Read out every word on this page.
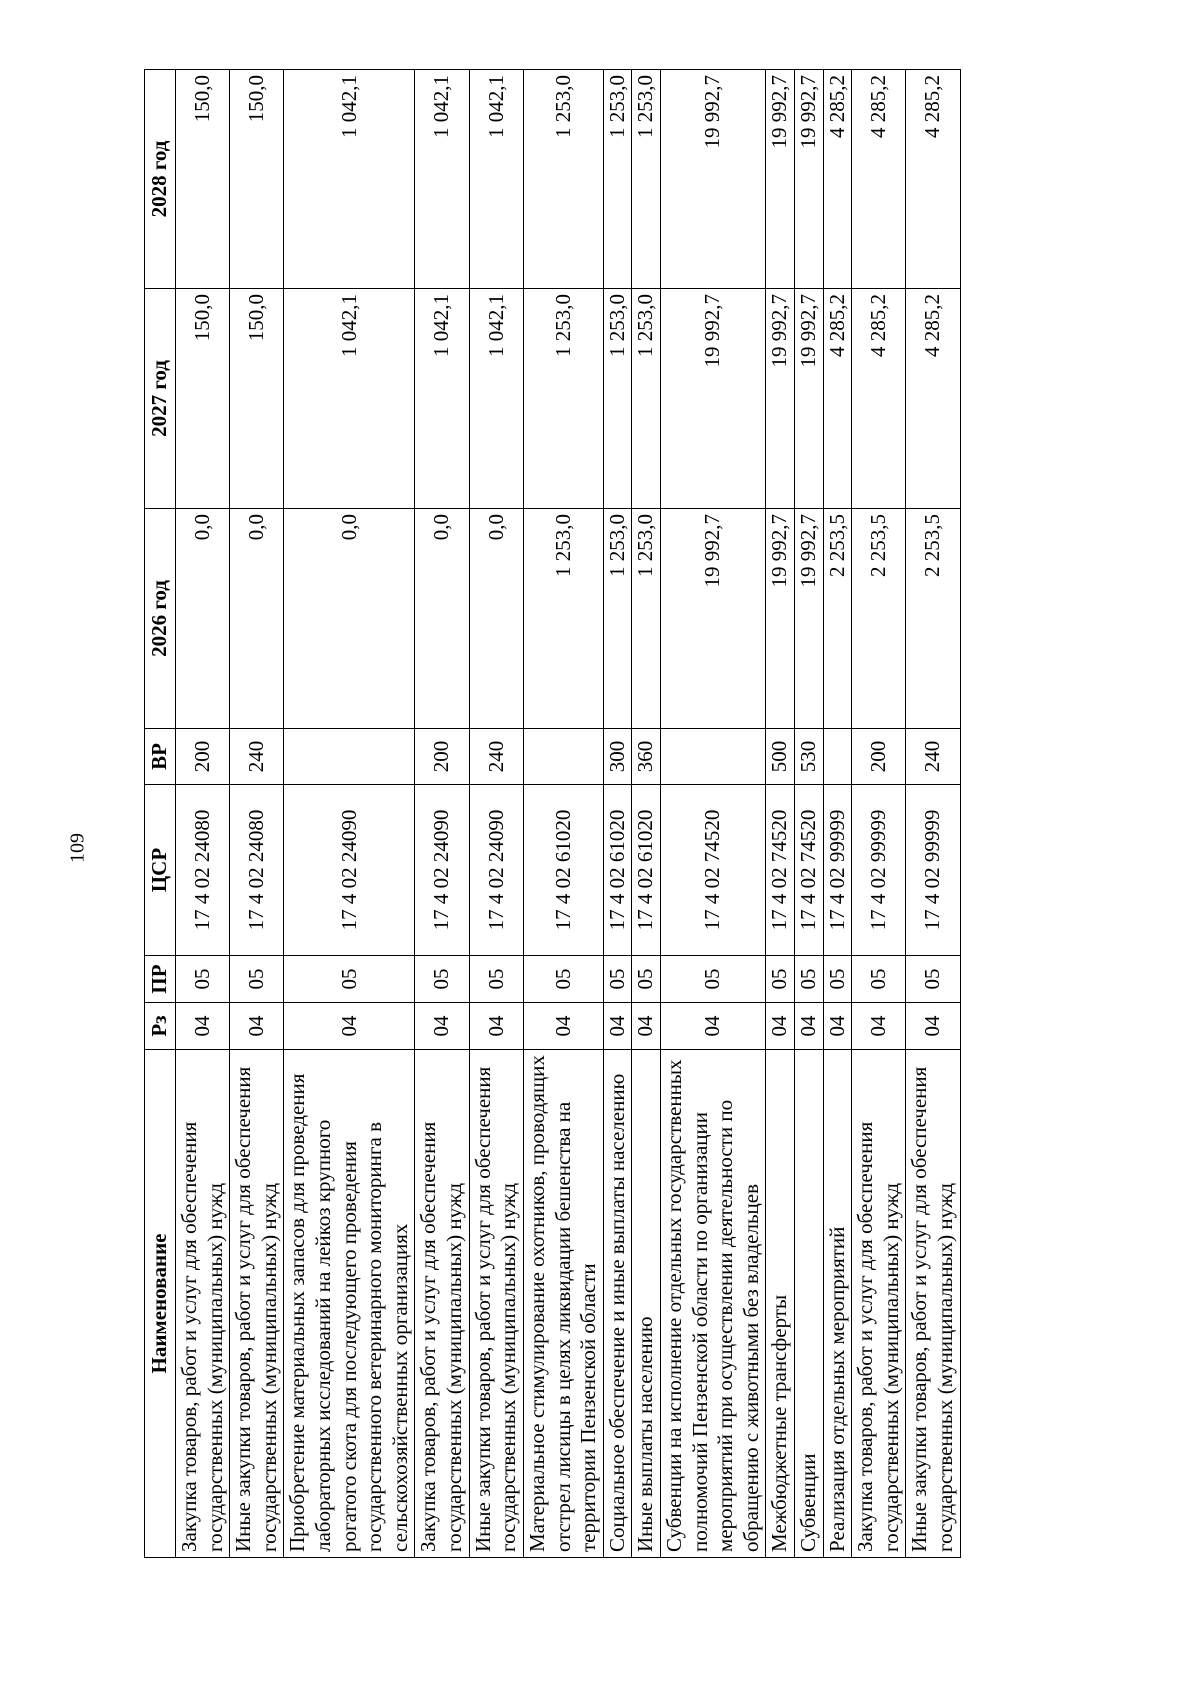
109
Наименование	Рз	ПР	ЦСР	ВР	2026 год	2027 год	2028 год
Закупка товаров, работ и услуг для обеспечения государственных (муниципальных) нужд	04	05	17 4 02 24080	200	0,0	150,0	150,0
Иные закупки товаров, работ и услуг для обеспечения государственных (муниципальных) нужд	04	05	17 4 02 24080	240	0,0	150,0	150,0
Приобретение материальных запасов для проведения лабораторных исследований на лейкоз крупного рогатого скота для последующего проведения государственного ветеринарного мониторинга в сельскохозяйственных организациях	04	05	17 4 02 24090		0,0	1 042,1	1 042,1
Закупка товаров, работ и услуг для обеспечения государственных (муниципальных) нужд	04	05	17 4 02 24090	200	0,0	1 042,1	1 042,1
Иные закупки товаров, работ и услуг для обеспечения государственных (муниципальных) нужд	04	05	17 4 02 24090	240	0,0	1 042,1	1 042,1
Материальное стимулирование охотников, проводящих отстрел лисицы в целях ликвидации бешенства на территории Пензенской области	04	05	17 4 02 61020		1 253,0	1 253,0	1 253,0
Социальное обеспечение и иные выплаты населению	04	05	17 4 02 61020	300	1 253,0	1 253,0	1 253,0
Иные выплаты населению	04	05	17 4 02 61020	360	1 253,0	1 253,0	1 253,0
Субвенции на исполнение отдельных государственных полномочий Пензенской области по организации мероприятий при осуществлении деятельности по обращению с животными без владельцев	04	05	17 4 02 74520		19 992,7	19 992,7	19 992,7
Межбюджетные трансферты	04	05	17 4 02 74520	500	19 992,7	19 992,7	19 992,7
Субвенции	04	05	17 4 02 74520	530	19 992,7	19 992,7	19 992,7
Реализация отдельных мероприятий	04	05	17 4 02 99999		2 253,5	4 285,2	4 285,2
Закупка товаров, работ и услуг для обеспечения государственных (муниципальных) нужд	04	05	17 4 02 99999	200	2 253,5	4 285,2	4 285,2
Иные закупки товаров, работ и услуг для обеспечения государственных (муниципальных) нужд	04	05	17 4 02 99999	240	2 253,5	4 285,2	4 285,2
